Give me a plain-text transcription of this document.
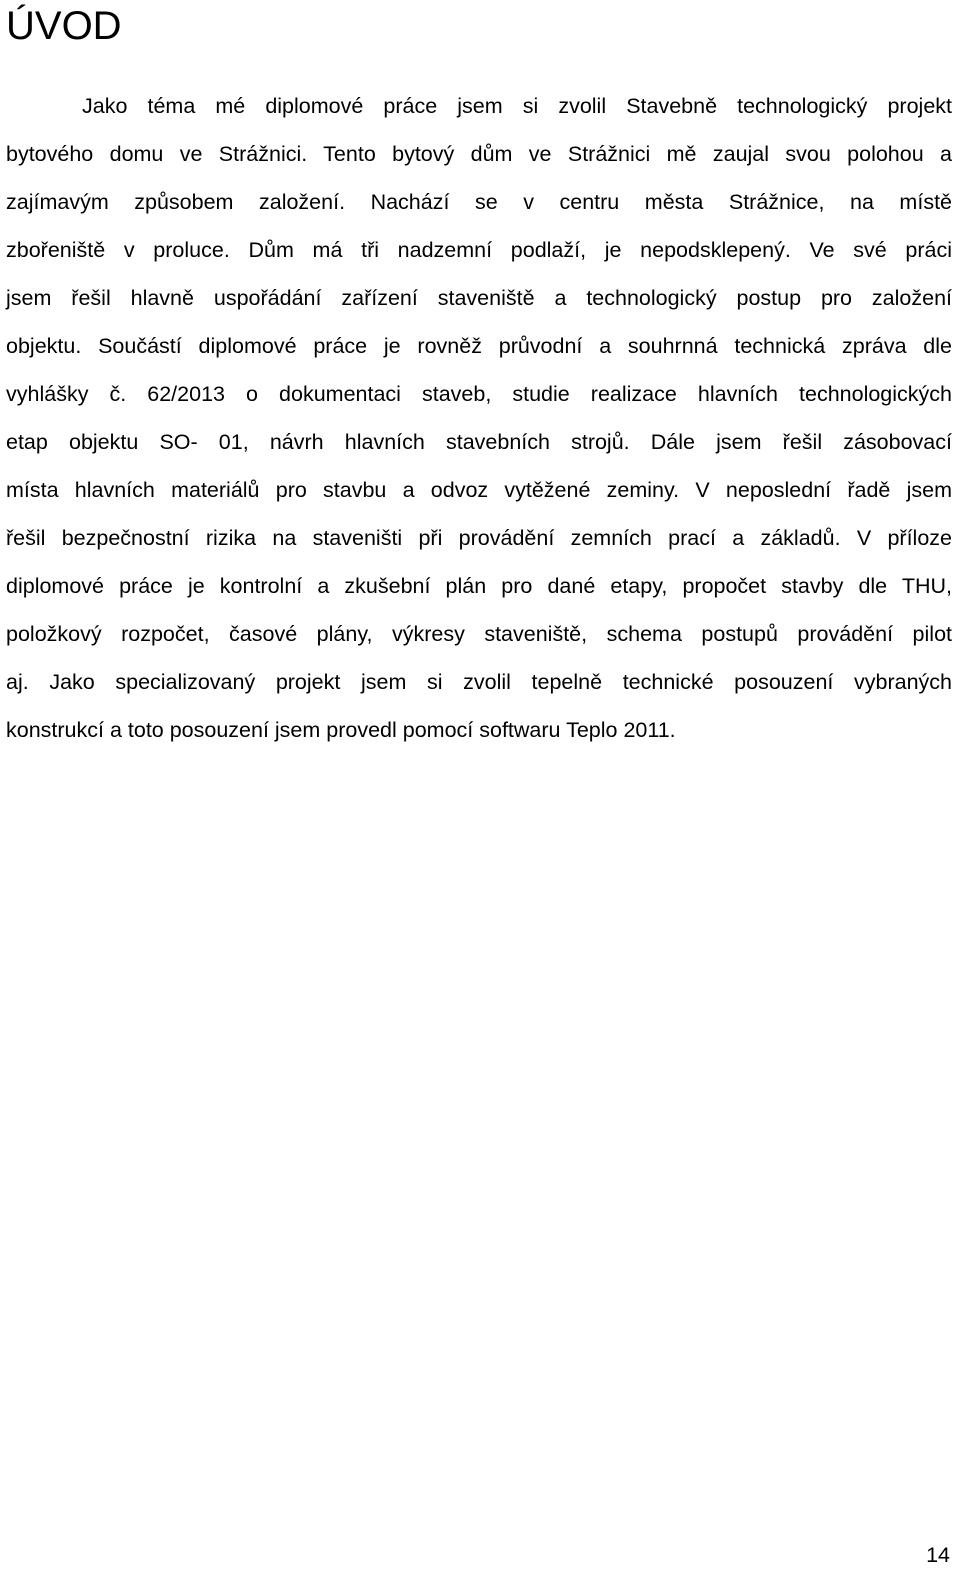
ÚVOD
Jako téma mé diplomové práce jsem si zvolil Stavebně technologický projekt
bytového domu ve Strážnici. Tento bytový dům ve Strážnici mě zaujal svou polohou a
zajímavým způsobem založení. Nachází se v centru města Strážnice, na místě
zbořeniště v proluce. Dům má tři nadzemní podlaží, je nepodsklepený. Ve své práci
jsem řešil hlavně uspořádání zařízení staveniště a technologický postup pro založení
objektu. Součástí diplomové práce je rovněž průvodní a souhrnná technická zpráva dle
vyhlášky č. 62/2013 o dokumentaci staveb, studie realizace hlavních technologických
etap objektu SO- 01, návrh hlavních stavebních strojů. Dále jsem řešil zásobovací
místa hlavních materiálů pro stavbu a odvoz vytěžené zeminy. V neposlední řadě jsem
řešil bezpečnostní rizika na staveništi při provádění zemních prací a základů. V příloze
diplomové práce je kontrolní a zkušební plán pro dané etapy, propočet stavby dle THU,
položkový rozpočet, časové plány, výkresy staveniště, schema postupů provádění pilot
aj. Jako specializovaný projekt jsem si zvolil tepelně technické posouzení vybraných
konstrukcí a toto posouzení jsem provedl pomocí softwaru Teplo 2011.
14
